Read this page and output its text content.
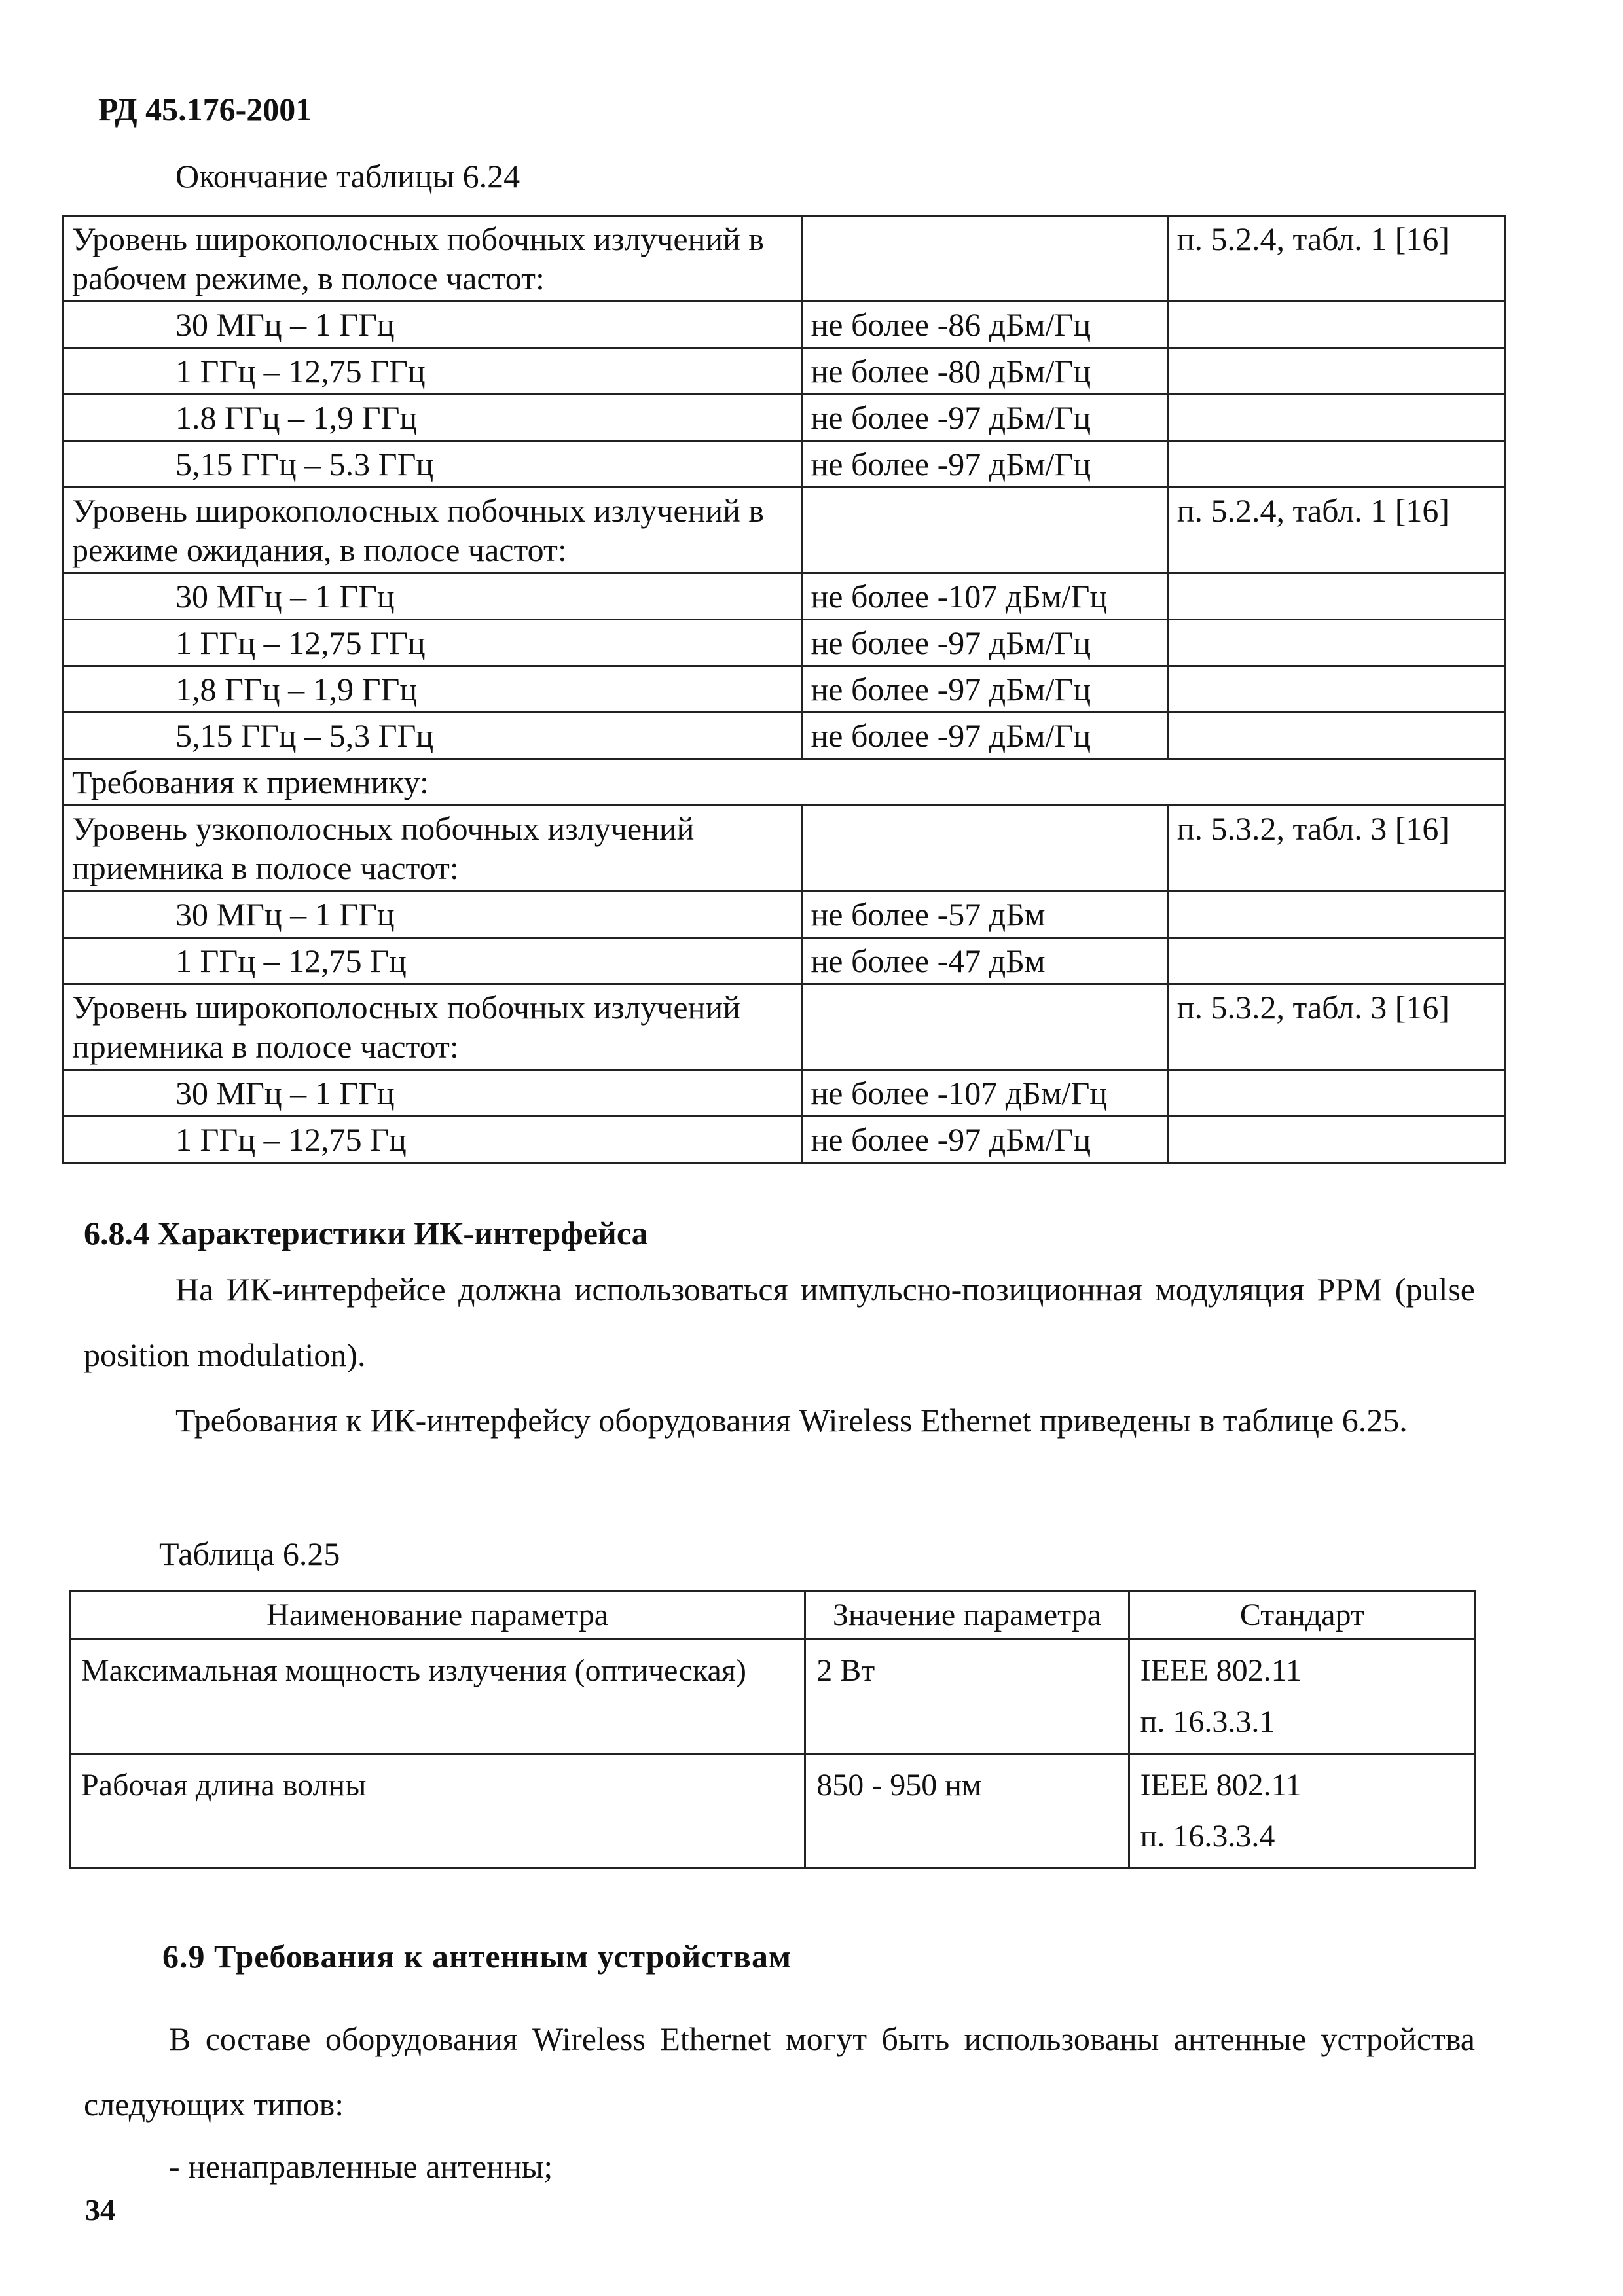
РД 45.176-2001
Окончание таблицы 6.24
Уровень широкополосных побочных излучений в рабочем режиме, в полосе частот:		п. 5.2.4, табл. 1 [16]
30 МГц – 1 ГГц	не более -86 дБм/Гц	
1 ГГц – 12,75 ГГц	не более -80 дБм/Гц	
1.8 ГГц – 1,9 ГГц	не более -97 дБм/Гц	
5,15 ГГц – 5.3 ГГц	не более -97 дБм/Гц	
Уровень широкополосных побочных излучений в режиме ожидания, в полосе частот:		п. 5.2.4, табл. 1 [16]
30 МГц – 1 ГГц	не более -107 дБм/Гц	
1 ГГц – 12,75 ГГц	не более -97 дБм/Гц	
1,8 ГГц – 1,9 ГГц	не более -97 дБм/Гц	
5,15 ГГц – 5,3 ГГц	не более -97 дБм/Гц	
Требования к приемнику:		
Уровень узкополосных побочных излучений приемника в полосе частот:		п. 5.3.2, табл. 3 [16]
30 МГц – 1 ГГц	не более -57 дБм	
1 ГГц – 12,75 Гц	не более -47 дБм	
Уровень широкополосных побочных излучений приемника в полосе частот:		п. 5.3.2, табл. 3 [16]
30 МГц – 1 ГГц	не более -107 дБм/Гц	
1 ГГц – 12,75 Гц	не более -97 дБм/Гц	
6.8.4 Характеристики ИК-интерфейса
На ИК-интерфейсе должна использоваться импульсно-позиционная модуляция PPM (pulse position modulation).
Требования к ИК-интерфейсу оборудования Wireless Ethernet приведены в таблице 6.25.
Таблица 6.25
Наименование параметра	Значение параметра	Стандарт
Максимальная мощность излучения (оптическая)	2 Вт	IEEE 802.11
п. 16.3.3.1

Рабочая длина волны	850 - 950 нм	IEEE 802.11
п. 16.3.3.4
6.9 Требования к антенным устройствам
В составе оборудования Wireless Ethernet могут быть использованы антенные устройства следующих типов:
- ненаправленные антенны;
34
